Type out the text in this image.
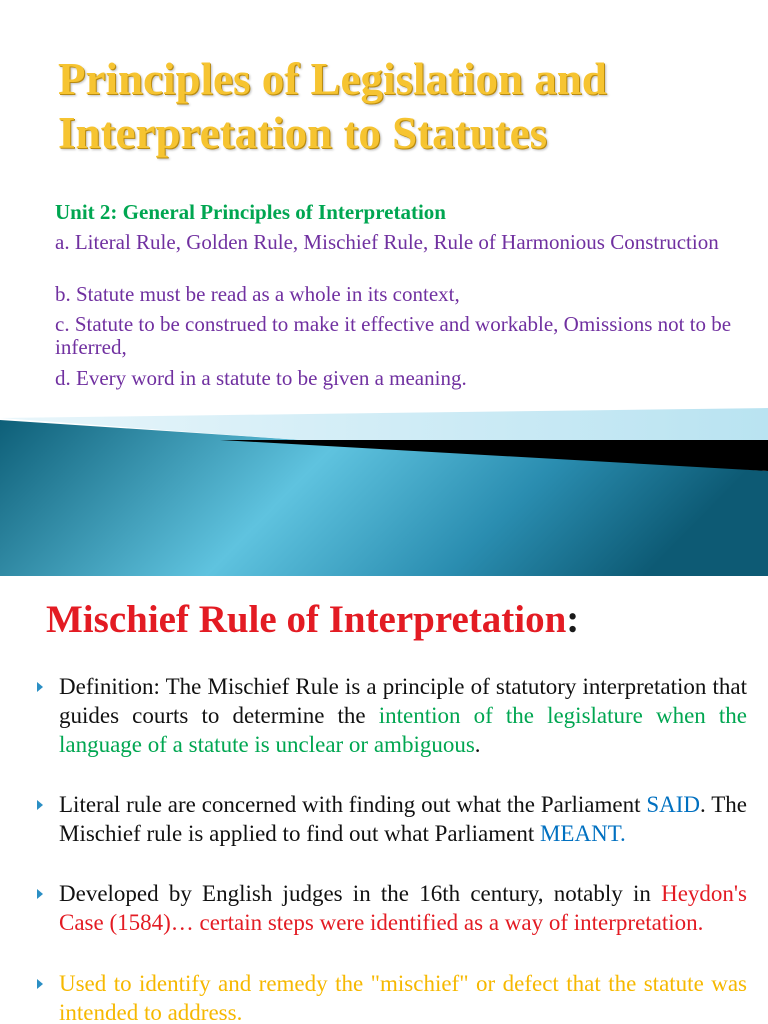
Principles of Legislation and
Interpretation to Statutes

Unit 2: General Principles of Interpretation

a. Literal Rule, Golden Rule, Mischief Rule, Rule of Harmonious Construction

b. Statute must be read as a whole in its context,

c. Statute to be construed to make it effective and workable, Omissions not to be inferred,

d. Every word in a statute to be given a meaning.

Mischief Rule of Interpretation:

Definition: The Mischief Rule is a principle of statutory interpretation that guides courts to determine the intention of the legislature when the language of a statute is unclear or ambiguous.

Literal rule are concerned with finding out what the Parliament SAID. The Mischief rule is applied to find out what Parliament MEANT.

Developed by English judges in the 16th century, notably in Heydon's Case (1584)… certain steps were identified as a way of interpretation.

Used to identify and remedy the "mischief" or defect that the statute was intended to address.
